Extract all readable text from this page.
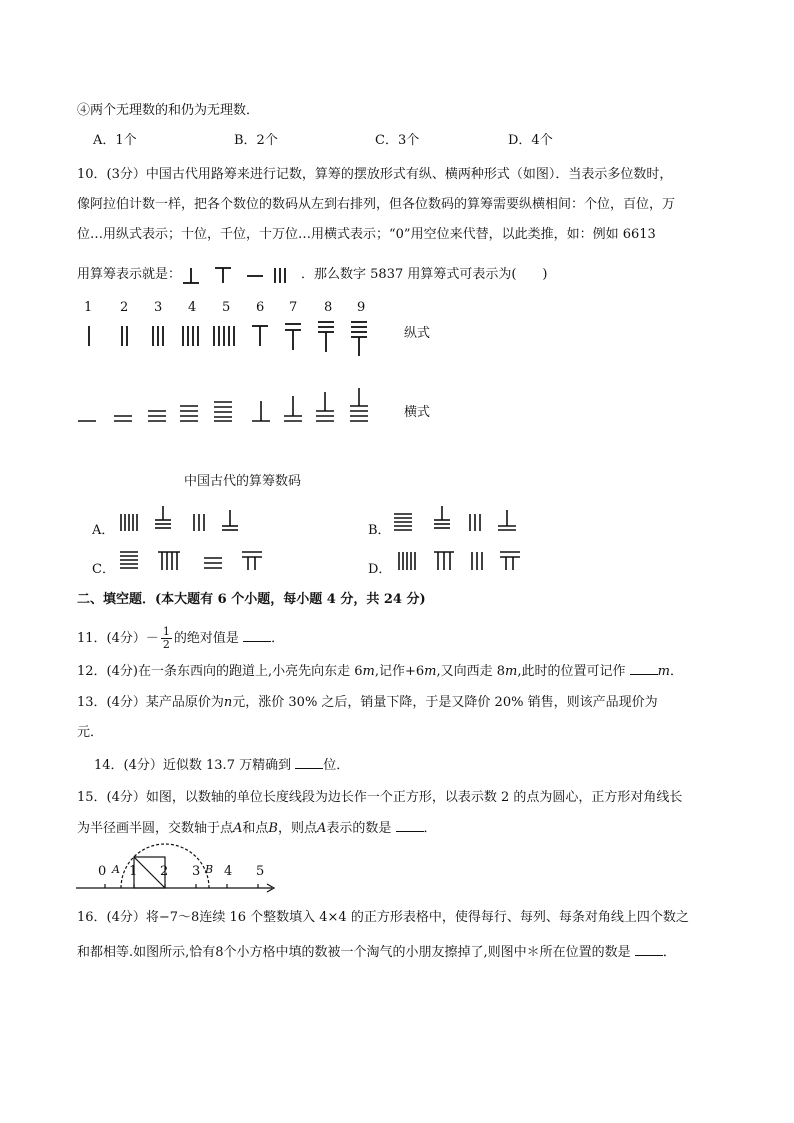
④两个无理数的和仍为无理数．
A．1个	B．2个	C．3个	D．4个
10．(3分）中国古代用路筹来进行记数，算筹的摆放形式有纵、横两种形式（如图）．当表示多位数时，
像阿拉伯计数一样，把各个数位的数码从左到右排列，但各位数码的算筹需要纵横相间：个位，百位，万
位…用纵式表示；十位，千位，十万位…用横式表示；“0”用空位来代替，以此类推，如：例如 6613
用算筹表示就是：	．那么数字 5837 用算筹式可表示为(　　)
1 2 3 4 5 6 7 8 9
纵式
横式
中国古代的算筹数码
A．	B．
C．	D．
二、填空题．(本大题有 6 个小题，每小题 4 分，共 24 分)
11．(4分）－ $\frac{1}{2}$ 的绝对值是 ．
12．(4分)在一条东西向的跑道上,小亮先向东走 6m,记作+6m,又向西走 8m,此时的位置可记作 m．
13．(4分）某产品原价为n元，涨价 30% 之后，销量下降，于是又降价 20% 销售，则该产品现价为
元．
14．(4分）近似数 13.7 万精确到 位．
15．(4分）如图，以数轴的单位长度线段为边长作一个正方形，以表示数 2 的点为圆心，正方形对角线长
为半径画半圆，交数轴于点A和点B，则点A表示的数是 ．
0 A 1 2 3 B 4 5
16．(4分）将−7～8连续 16 个整数填入 4×4 的正方形表格中，使得每行、每列、每条对角线上四个数之
和都相等.如图所示,恰有8个小方格中填的数被一个淘气的小朋友擦掉了,则图中＊所在位置的数是 ．
